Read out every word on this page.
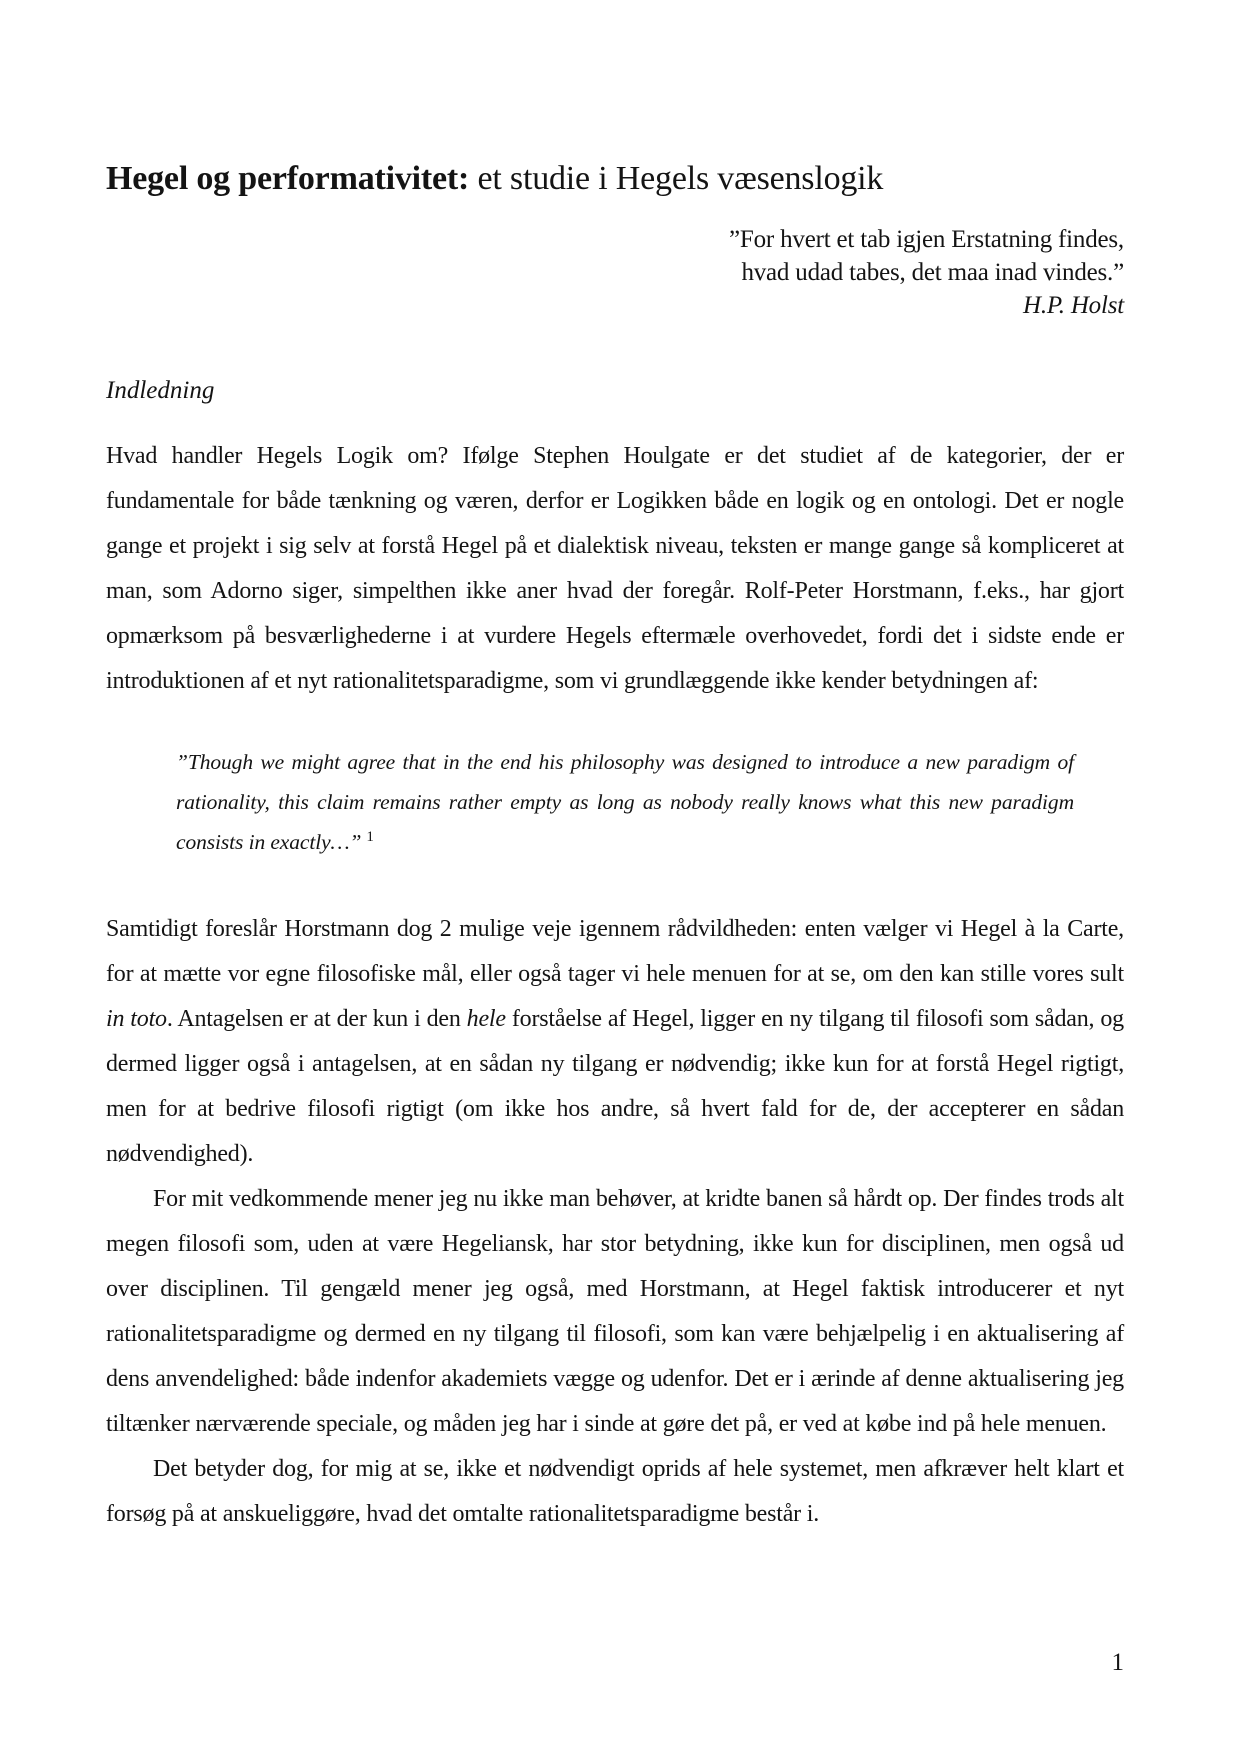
Hegel og performativitet: et studie i Hegels væsenslogik
”For hvert et tab igjen Erstatning findes,
hvad udad tabes, det maa inad vindes.”
H.P. Holst
Indledning

Hvad handler Hegels Logik om? Ifølge Stephen Houlgate er det studiet af de kategorier, der er fundamentale for både tænkning og væren, derfor er Logikken både en logik og en ontologi. Det er nogle gange et projekt i sig selv at forstå Hegel på et dialektisk niveau, teksten er mange gange så kompliceret at man, som Adorno siger, simpelthen ikke aner hvad der foregår. Rolf-Peter Horstmann, f.eks., har gjort opmærksom på besværlighederne i at vurdere Hegels eftermæle overhovedet, fordi det i sidste ende er introduktionen af et nyt rationalitetsparadigme, som vi grundlæggende ikke kender betydningen af:

”Though we might agree that in the end his philosophy was designed to introduce a new paradigm of rationality, this claim remains rather empty as long as nobody really knows what this new paradigm consists in exactly…” $^1$

Samtidigt foreslår Horstmann dog 2 mulige veje igennem rådvildheden: enten vælger vi Hegel à la Carte, for at mætte vor egne filosofiske mål, eller også tager vi hele menuen for at se, om den kan stille vores sult in toto. Antagelsen er at der kun i den hele forståelse af Hegel, ligger en ny tilgang til filosofi som sådan, og dermed ligger også i antagelsen, at en sådan ny tilgang er nødvendig; ikke kun for at forstå Hegel rigtigt, men for at bedrive filosofi rigtigt (om ikke hos andre, så hvert fald for de, der accepterer en sådan nødvendighed).

For mit vedkommende mener jeg nu ikke man behøver, at kridte banen så hårdt op. Der findes trods alt megen filosofi som, uden at være Hegeliansk, har stor betydning, ikke kun for disciplinen, men også ud over disciplinen. Til gengæld mener jeg også, med Horstmann, at Hegel faktisk introducerer et nyt rationalitetsparadigme og dermed en ny tilgang til filosofi, som kan være behjælpelig i en aktualisering af dens anvendelighed: både indenfor akademiets vægge og udenfor. Det er i ærinde af denne aktualisering jeg tiltænker nærværende speciale, og måden jeg har i sinde at gøre det på, er ved at købe ind på hele menuen.

Det betyder dog, for mig at se, ikke et nødvendigt oprids af hele systemet, men afkræver helt klart et forsøg på at anskueliggøre, hvad det omtalte rationalitetsparadigme består i.

1
